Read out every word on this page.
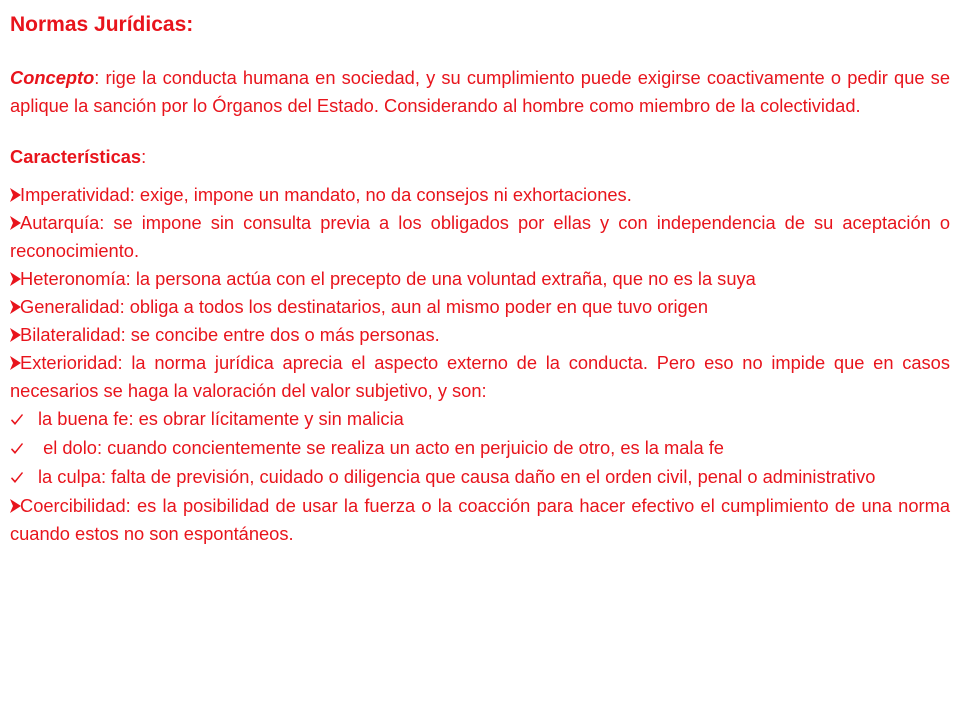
Normas Jurídicas:

Concepto: rige la conducta humana en sociedad, y su cumplimiento puede exigirse coactivamente o pedir que se aplique la sanción por lo Órganos del Estado. Considerando al hombre como miembro de la colectividad.

Características:

Imperatividad: exige, impone un mandato, no da consejos ni exhortaciones.

Autarquía: se impone sin consulta previa a los obligados por ellas y con independencia de su aceptación o reconocimiento.

Heteronomía: la persona actúa con el precepto de una voluntad extraña, que no es la suya

Generalidad: obliga a todos los destinatarios, aun al mismo poder en que tuvo origen

Bilateralidad: se concibe entre dos o más personas.

Exterioridad: la norma jurídica aprecia el aspecto externo de la conducta. Pero eso no impide que en casos necesarios se haga la valoración del valor subjetivo, y son:

la buena fe: es obrar lícitamente y sin malicia

el dolo: cuando concientemente se realiza un acto en perjuicio de otro, es la mala fe

la culpa: falta de previsión, cuidado o diligencia que causa daño en el orden civil, penal o administrativo

Coercibilidad: es la posibilidad de usar la fuerza o la coacción para hacer efectivo el cumplimiento de una norma cuando estos no son espontáneos.
